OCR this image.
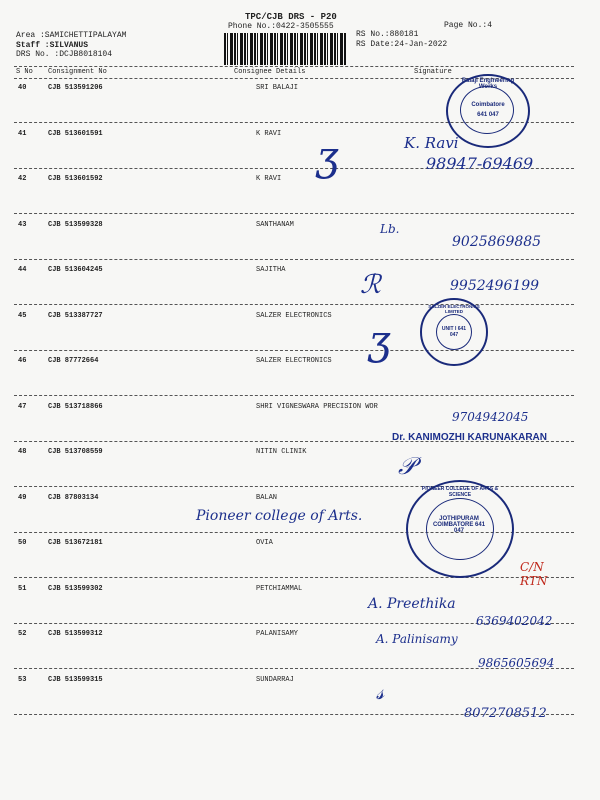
TPC/CJB DRS - P20
Phone No.:0422-3505555	Page No.:4
Area :SAMICHETTIPALAYAM
Staff :SILVANUS
DRS No. :DCJB8018104
RS No.:880181
RS Date:24-Jan-2022
S No Consignment No	Consignee Details	Signature
40	CJB 513591206	SRI BALAJI
41	CJB 513601591	K RAVI
42	CJB 513601592	K RAVI
43	CJB 513599328	SANTHANAM
44	CJB 513604245	SAJITHA
45	CJB 513387727	SALZER ELECTRONICS
46	CJB 87772664	SALZER ELECTRONICS
47	CJB 513718866	SHRI VIGNESWARA PRECISION WOR
48	CJB 513708559	NITIN CLINIK
49	CJB 87803134	BALAN
50	CJB 513672181	OVIA
51	CJB 513599302	PETCHIAMMAL
52	CJB 513599312	PALANISAMY
53	CJB 513599315	SUNDARRAJ
Balaji Engineering Works
Coimbatore
641 047
SALZER ELECTRONICS LIMITED
UNIT I 641 047
PIONEER COLLEGE OF ARTS & SCIENCE
JOTHIPURAM COIMBATORE 641 047
K. Ravi
ʒ	98947-69469
Lb.
9025869885
ℛ	9952496199
ʒ
9704942045
Dr. KANIMOZHI KARUNAKARAN
𝒫
Pioneer college of Arts.
C/N RTN
A. Preethika
6369402042
A. Palinisamy
9865605694
𝓈
8072708512
